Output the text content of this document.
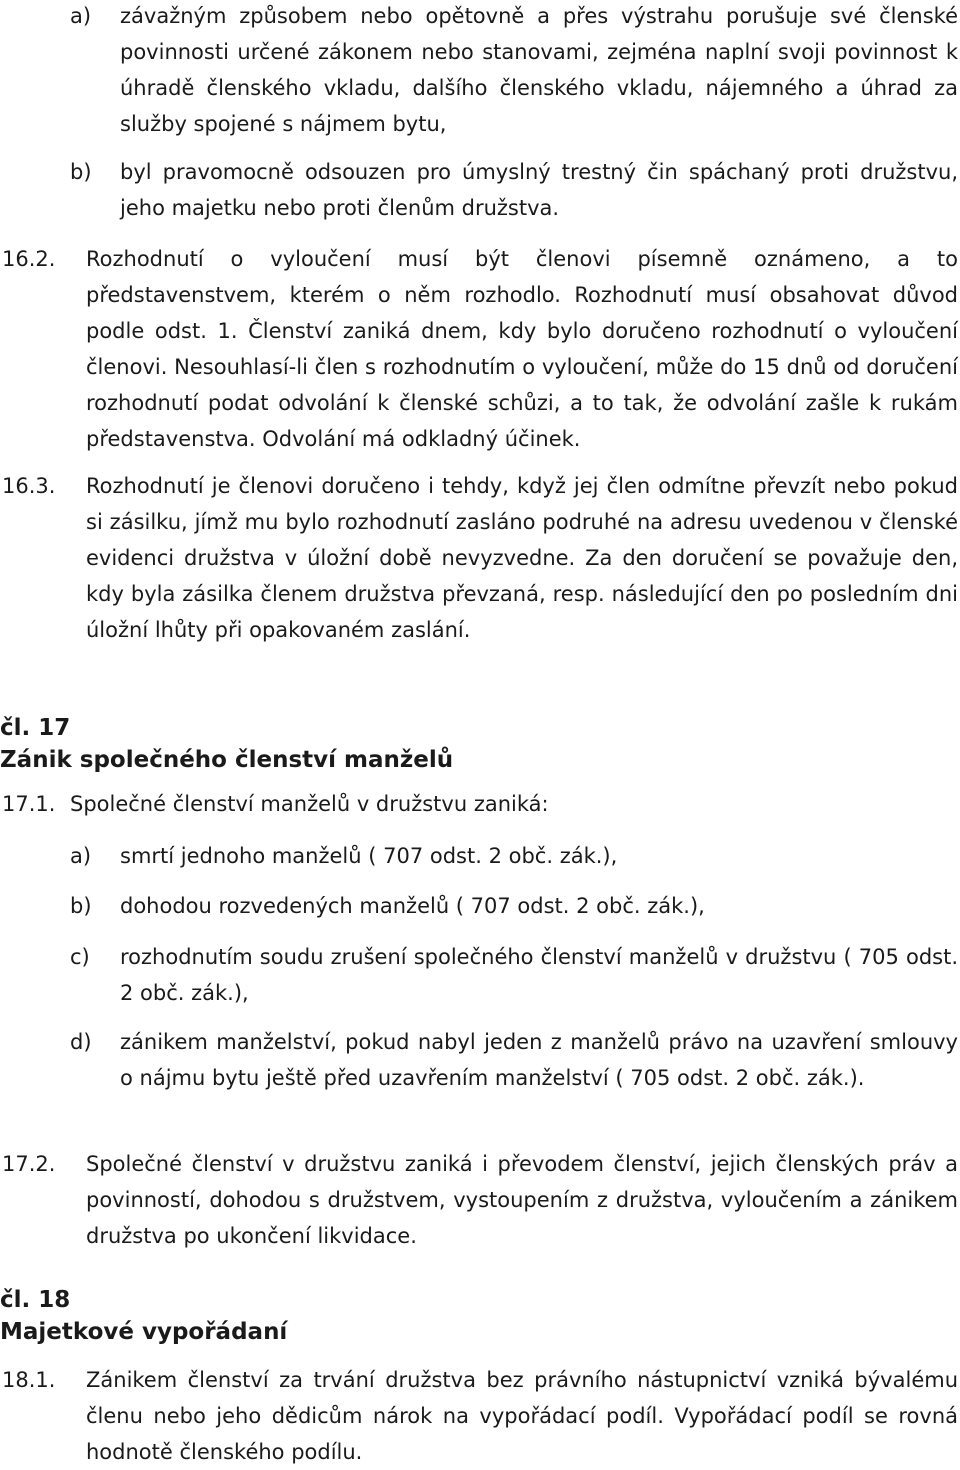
a) závažným způsobem nebo opětovně a přes výstrahu porušuje své členské povinnosti určené zákonem nebo stanovami, zejména naplní svoji povinnost k úhradě členského vkladu, dalšího členského vkladu, nájemného a úhrad za služby spojené s nájmem bytu,

b) byl pravomocně odsouzen pro úmyslný trestný čin spáchaný proti družstvu, jeho majetku nebo proti členům družstva.

16.2. Rozhodnutí o vyloučení musí být členovi písemně oznámeno, a to představenstvem, kterém o něm rozhodlo. Rozhodnutí musí obsahovat důvod podle odst. 1. Členství zaniká dnem, kdy bylo doručeno rozhodnutí o vyloučení členovi. Nesouhlasí-li člen s rozhodnutím o vyloučení, může do 15 dnů od doručení rozhodnutí podat odvolání k členské schůzi, a to tak, že odvolání zašle k rukám představenstva. Odvolání má odkladný účinek.

16.3. Rozhodnutí je členovi doručeno i tehdy, když jej člen odmítne převzít nebo pokud si zásilku, jímž mu bylo rozhodnutí zasláno podruhé na adresu uvedenou v členské evidenci družstva v úložní době nevyzvedne. Za den doručení se považuje den, kdy byla zásilka členem družstva převzaná, resp. následující den po posledním dni úložní lhůty při opakovaném zaslání.

čl. 17
Zánik společného členství manželů
17.1. Společné členství manželů v družstvu zaniká:

a) smrtí jednoho manželů ( 707 odst. 2 obč. zák.),

b) dohodou rozvedených manželů ( 707 odst. 2 obč. zák.),

c) rozhodnutím soudu zrušení společného členství manželů v družstvu ( 705 odst. 2 obč. zák.),

d) zánikem manželství, pokud nabyl jeden z manželů právo na uzavření smlouvy o nájmu bytu ještě před uzavřením manželství ( 705 odst. 2 obč. zák.).

17.2. Společné členství v družstvu zaniká i převodem členství, jejich členských práv a povinností, dohodou s družstvem, vystoupením z družstva, vyloučením a zánikem družstva po ukončení likvidace.

čl. 18
Majetkové vypořádaní
18.1. Zánikem členství za trvání družstva bez právního nástupnictví vzniká bývalému členu nebo jeho dědicům nárok na vypořádací podíl. Vypořádací podíl se rovná hodnotě členského podílu.
